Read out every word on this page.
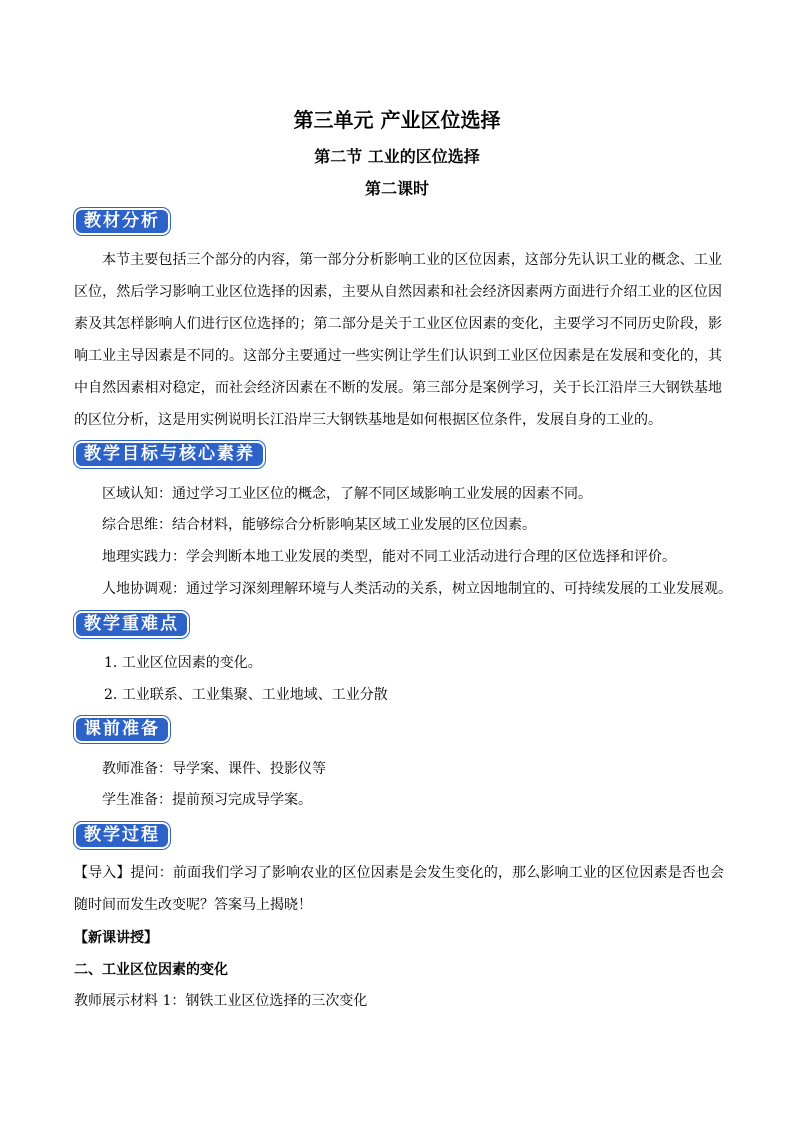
第三单元 产业区位选择
第二节 工业的区位选择
第二课时
教材分析

本节主要包括三个部分的内容，第一部分分析影响工业的区位因素，这部分先认识工业的概念、工业区位，然后学习影响工业区位选择的因素，主要从自然因素和社会经济因素两方面进行介绍工业的区位因素及其怎样影响人们进行区位选择的；第二部分是关于工业区位因素的变化，主要学习不同历史阶段，影响工业主导因素是不同的。这部分主要通过一些实例让学生们认识到工业区位因素是在发展和变化的，其中自然因素相对稳定，而社会经济因素在不断的发展。第三部分是案例学习，关于长江沿岸三大钢铁基地的区位分析，这是用实例说明长江沿岸三大钢铁基地是如何根据区位条件，发展自身的工业的。

教学目标与核心素养
区域认知：通过学习工业区位的概念，了解不同区域影响工业发展的因素不同。
综合思维：结合材料，能够综合分析影响某区域工业发展的区位因素。
地理实践力：学会判断本地工业发展的类型，能对不同工业活动进行合理的区位选择和评价。
人地协调观：通过学习深刻理解环境与人类活动的关系，树立因地制宜的、可持续发展的工业发展观。
教学重难点
1. 工业区位因素的变化。
2. 工业联系、工业集聚、工业地域、工业分散
课前准备
教师准备：导学案、课件、投影仪等
学生准备：提前预习完成导学案。
教学过程

【导入】提问：前面我们学习了影响农业的区位因素是会发生变化的，那么影响工业的区位因素是否也会随时间而发生改变呢？答案马上揭晓！

【新课讲授】
二、工业区位因素的变化
教师展示材料 1：钢铁工业区位选择的三次变化
